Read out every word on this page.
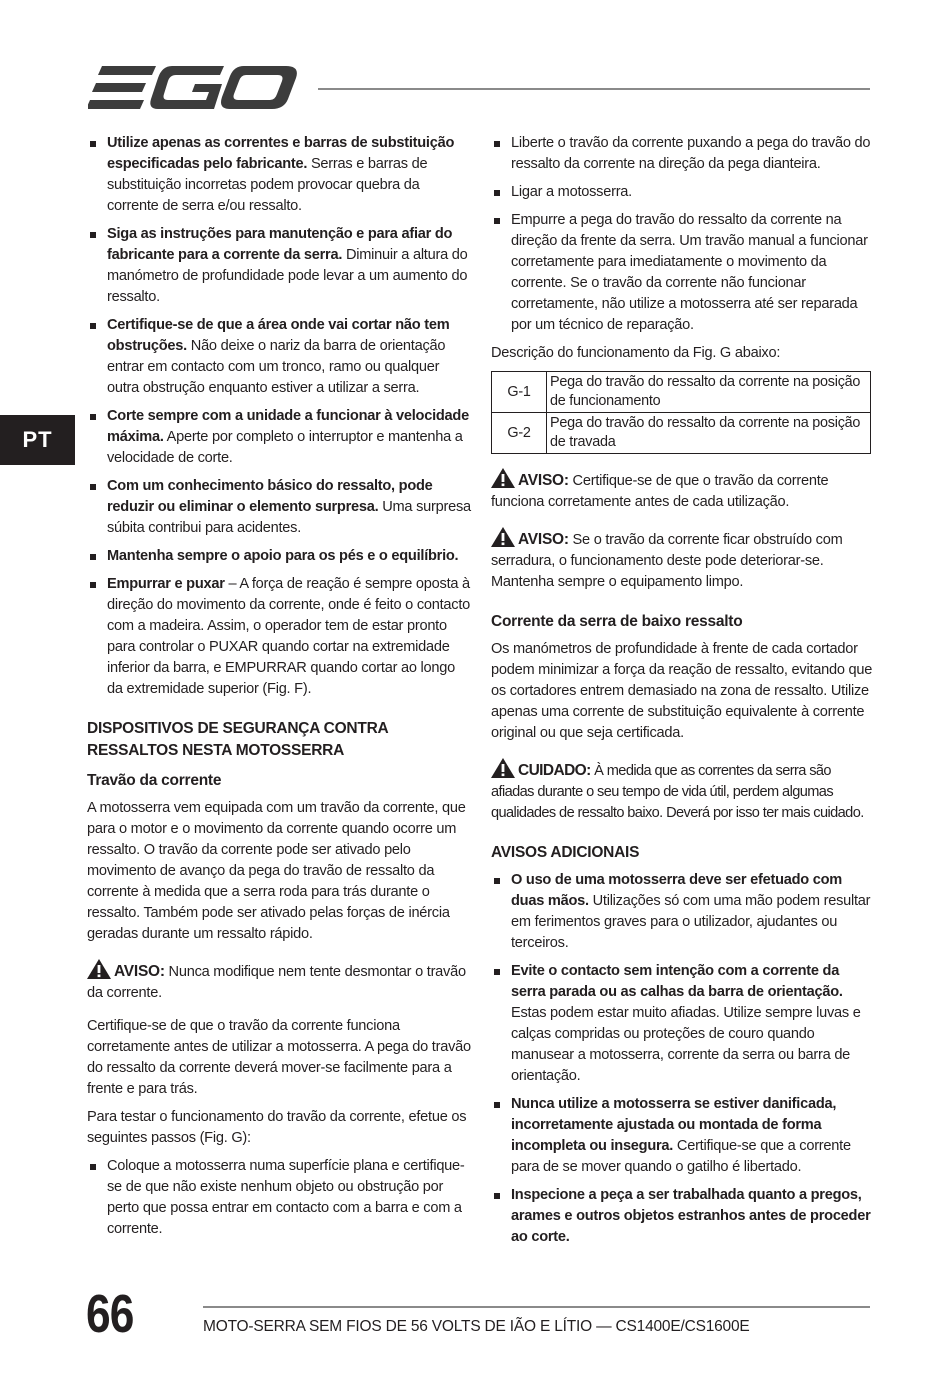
PT
Utilize apenas as correntes e barras de substituição especificadas pelo fabricante. Serras e barras de substituição incorretas podem provocar quebra da corrente de serra e/ou ressalto.
Siga as instruções para manutenção e para afiar do fabricante para a corrente da serra. Diminuir a altura do manómetro de profundidade pode levar a um aumento do ressalto.
Certifique-se de que a área onde vai cortar não tem obstruções. Não deixe o nariz da barra de orientação entrar em contacto com um tronco, ramo ou qualquer outra obstrução enquanto estiver a utilizar a serra.
Corte sempre com a unidade a funcionar à velocidade máxima. Aperte por completo o interruptor e mantenha a velocidade de corte.
Com um conhecimento básico do ressalto, pode reduzir ou eliminar o elemento surpresa. Uma surpresa súbita contribui para acidentes.
Mantenha sempre o apoio para os pés e o equilíbrio.
Empurrar e puxar – A força de reação é sempre oposta à direção do movimento da corrente, onde é feito o contacto com a madeira. Assim, o operador tem de estar pronto para controlar o PUXAR quando cortar na extremidade inferior da barra, e EMPURRAR quando cortar ao longo da extremidade superior (Fig. F).
DISPOSITIVOS DE SEGURANÇA CONTRA RESSALTOS NESTA MOTOSSERRA
Travão da corrente

A motosserra vem equipada com um travão da corrente, que para o motor e o movimento da corrente quando ocorre um ressalto. O travão da corrente pode ser ativado pelo movimento de avanço da pega do travão de ressalto da corrente à medida que a serra roda para trás durante o ressalto. Também pode ser ativado pelas forças de inércia geradas durante um ressalto rápido.

AVISO: Nunca modifique nem tente desmontar o travão da corrente.

Certifique-se de que o travão da corrente funciona corretamente antes de utilizar a motosserra. A pega do travão do ressalto da corrente deverá mover-se facilmente para a frente e para trás.

Para testar o funcionamento do travão da corrente, efetue os seguintes passos (Fig. G):

Coloque a motosserra numa superfície plana e certifique-se de que não existe nenhum objeto ou obstrução por perto que possa entrar em contacto com a barra e com a corrente.
Liberte o travão da corrente puxando a pega do travão do ressalto da corrente na direção da pega dianteira.
Ligar a motosserra.
Empurre a pega do travão do ressalto da corrente na direção da frente da serra. Um travão manual a funcionar corretamente para imediatamente o movimento da corrente. Se o travão da corrente não funcionar corretamente, não utilize a motosserra até ser reparada por um técnico de reparação.

Descrição do funcionamento da Fig. G abaixo:

G-1	Pega do travão do ressalto da corrente na posição de funcionamento
G-2	Pega do travão do ressalto da corrente na posição de travada
AVISO: Certifique-se de que o travão da corrente funciona corretamente antes de cada utilização.
AVISO: Se o travão da corrente ficar obstruído com serradura, o funcionamento deste pode deteriorar-se. Mantenha sempre o equipamento limpo.
Corrente da serra de baixo ressalto

Os manómetros de profundidade à frente de cada cortador podem minimizar a força da reação de ressalto, evitando que os cortadores entrem demasiado na zona de ressalto. Utilize apenas uma corrente de substituição equivalente à corrente original ou que seja certificada.

CUIDADO: À medida que as correntes da serra são afiadas durante o seu tempo de vida útil, perdem algumas qualidades de ressalto baixo. Deverá por isso ter mais cuidado.
AVISOS ADICIONAIS
O uso de uma motosserra deve ser efetuado com duas mãos. Utilizações só com uma mão podem resultar em ferimentos graves para o utilizador, ajudantes ou terceiros.
Evite o contacto sem intenção com a corrente da serra parada ou as calhas da barra de orientação. Estas podem estar muito afiadas. Utilize sempre luvas e calças compridas ou proteções de couro quando manusear a motosserra, corrente da serra ou barra de orientação.
Nunca utilize a motosserra se estiver danificada, incorretamente ajustada ou montada de forma incompleta ou insegura. Certifique-se que a corrente para de se mover quando o gatilho é libertado.
Inspecione a peça a ser trabalhada quanto a pregos, arames e outros objetos estranhos antes de proceder ao corte.
66	MOTO-SERRA SEM FIOS DE 56 VOLTS DE IÃO E LÍTIO — CS1400E/CS1600E
